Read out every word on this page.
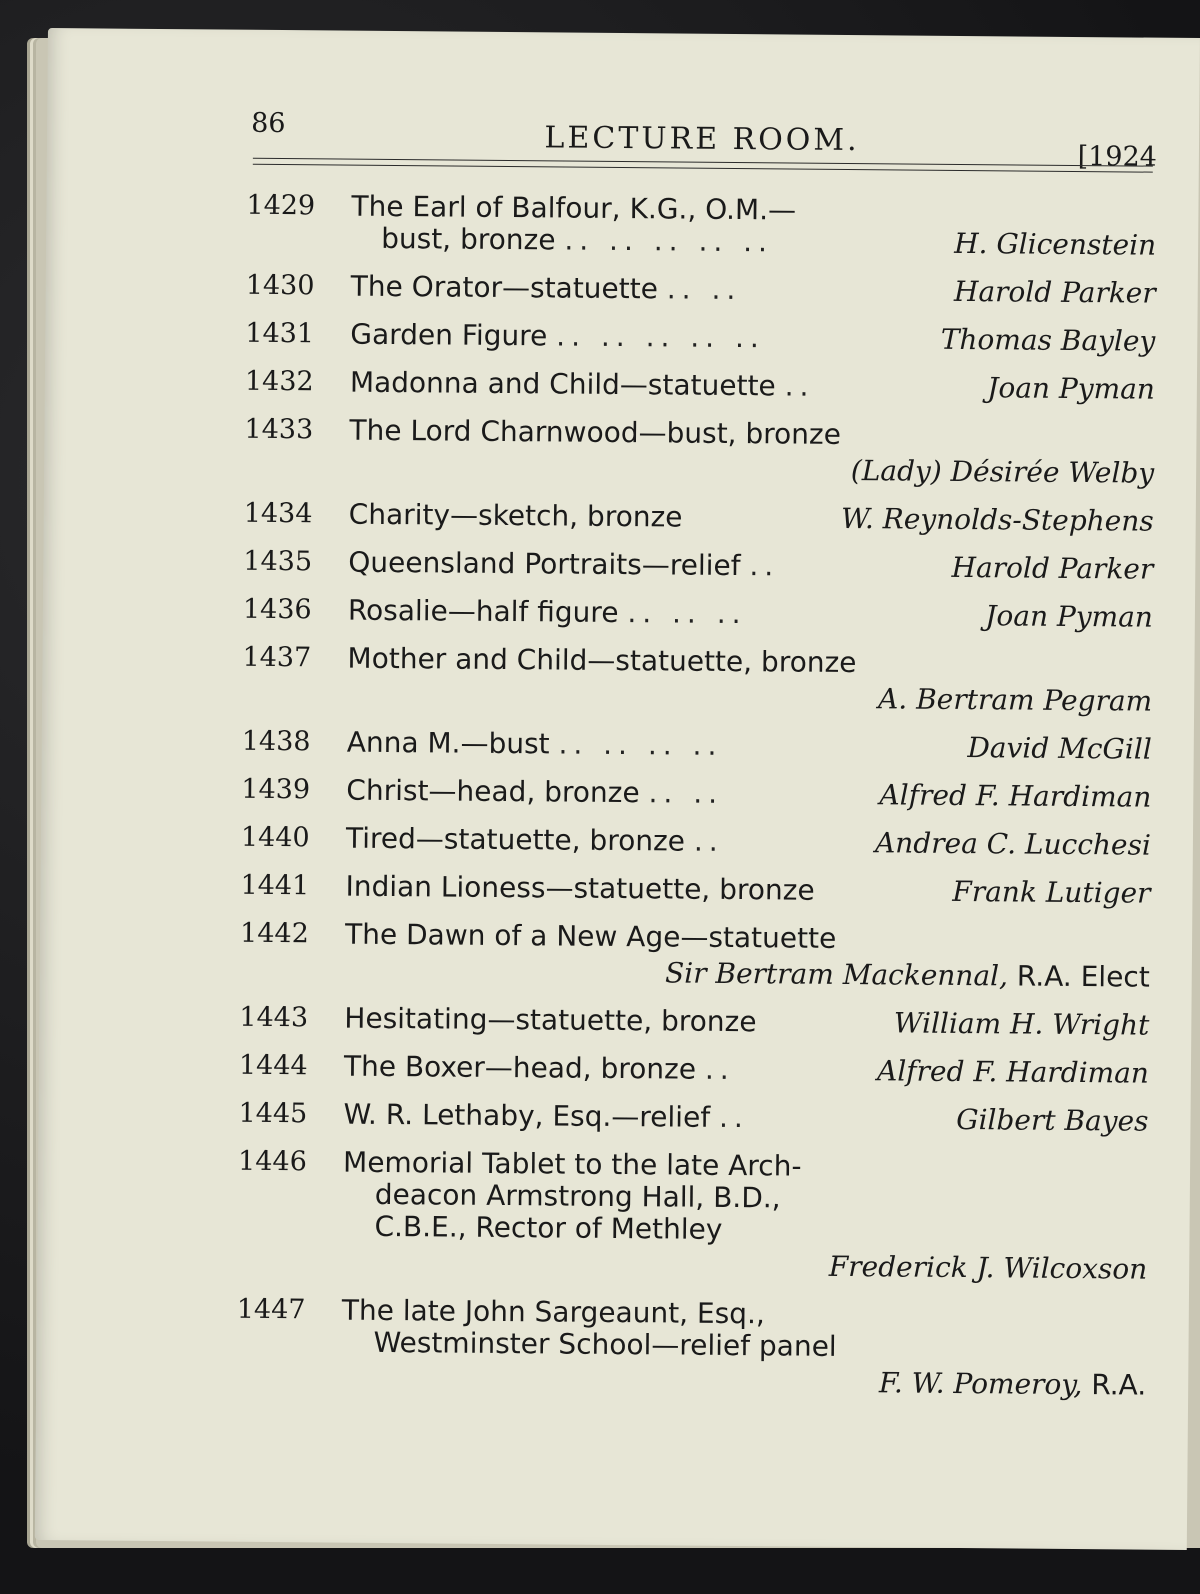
86	LECTURE ROOM.	[1924
1429	The Earl of Balfour, K.G., O.M.—
bust, bronze .. .. .. .. ..	H. Glicenstein
1430	The Orator—statuette .. ..	Harold Parker
1431	Garden Figure .. .. .. .. ..	Thomas Bayley
1432	Madonna and Child—statuette ..	Joan Pyman
1433	The Lord Charnwood—bust, bronze
(Lady) Désirée Welby
1434	Charity—sketch, bronze	W. Reynolds-Stephens
1435	Queensland Portraits—relief ..	Harold Parker
1436	Rosalie—half figure .. .. ..	Joan Pyman
1437	Mother and Child—statuette, bronze
A. Bertram Pegram
1438	Anna M.—bust .. .. .. ..	David McGill
1439	Christ—head, bronze .. ..	Alfred F. Hardiman
1440	Tired—statuette, bronze ..	Andrea C. Lucchesi
1441	Indian Lioness—statuette, bronze	Frank Lutiger
1442	The Dawn of a New Age—statuette
Sir Bertram Mackennal, R.A. Elect
1443	Hesitating—statuette, bronze	William H. Wright
1444	The Boxer—head, bronze ..	Alfred F. Hardiman
1445	W. R. Lethaby, Esq.—relief ..	Gilbert Bayes
1446	Memorial Tablet to the late Arch-
deacon Armstrong Hall, B.D.,
C.B.E., Rector of Methley
Frederick J. Wilcoxson
1447	The late John Sargeaunt, Esq.,
Westminster School—relief panel
F. W. Pomeroy, R.A.
